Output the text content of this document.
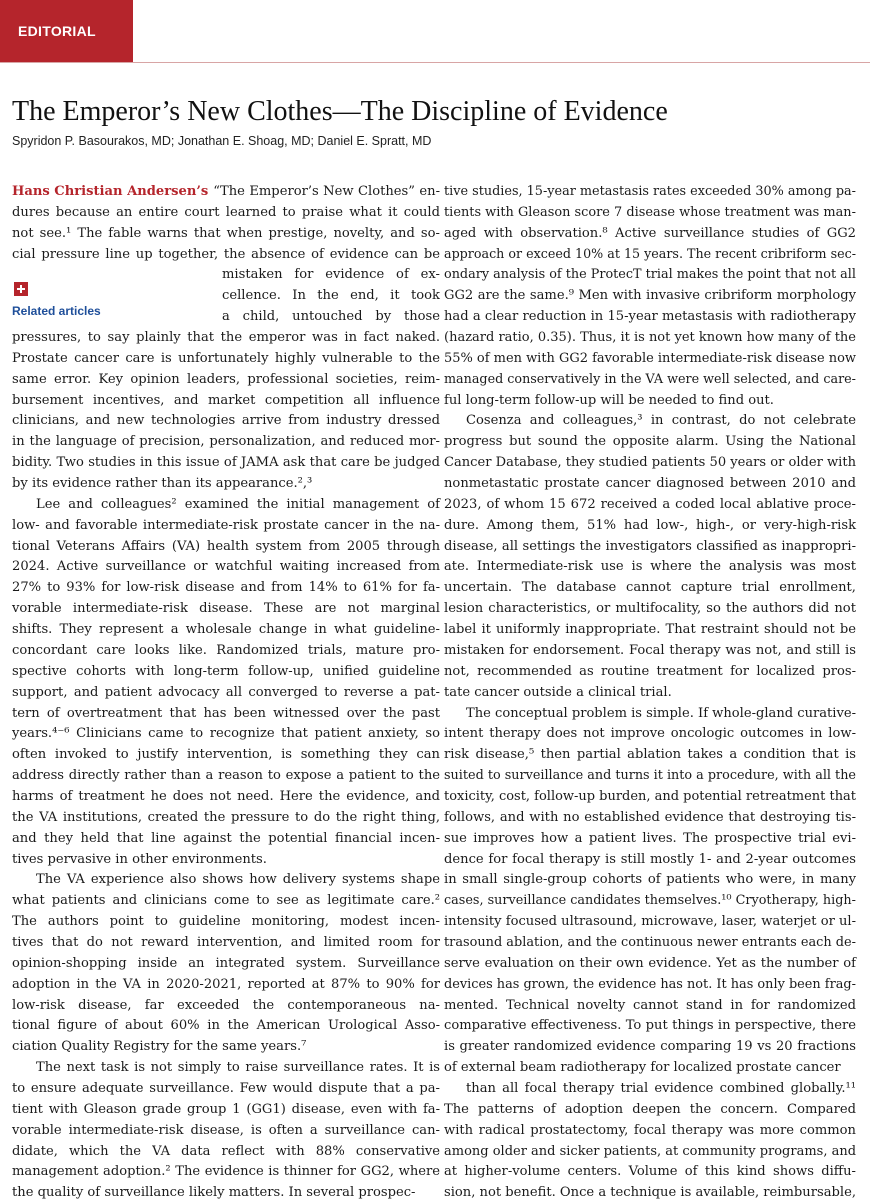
EDITORIAL
The Emperor’s New Clothes—The Discipline of Evidence
Spyridon P. Basourakos, MD; Jonathan E. Shoag, MD; Daniel E. Spratt, MD
“The Emperor’s New Clothes” en-
Hans Christian Andersen’s
dures because an entire court learned to praise what it could
not see.¹ The fable warns that when prestige, novelty, and so-
cial pressure line up together, the absence of evidence can be
mistaken for evidence of ex-
cellence. In the end, it took
a child, untouched by those
pressures, to say plainly that the emperor was in fact naked.
Prostate cancer care is unfortunately highly vulnerable to the
same error. Key opinion leaders, professional societies, reim-
bursement incentives, and market competition all influence
clinicians, and new technologies arrive from industry dressed
in the language of precision, personalization, and reduced mor-
bidity. Two studies in this issue of JAMA ask that care be judged
by its evidence rather than its appearance.²,³
Lee and colleagues² examined the initial management of
low- and favorable intermediate-risk prostate cancer in the na-
tional Veterans Affairs (VA) health system from 2005 through
2024. Active surveillance or watchful waiting increased from
27% to 93% for low-risk disease and from 14% to 61% for fa-
vorable intermediate-risk disease. These are not marginal
shifts. They represent a wholesale change in what guideline-
concordant care looks like. Randomized trials, mature pro-
spective cohorts with long-term follow-up, unified guideline
support, and patient advocacy all converged to reverse a pat-
tern of overtreatment that has been witnessed over the past
years.⁴⁻⁶ Clinicians came to recognize that patient anxiety, so
often invoked to justify intervention, is something they can
address directly rather than a reason to expose a patient to the
harms of treatment he does not need. Here the evidence, and
the VA institutions, created the pressure to do the right thing,
and they held that line against the potential financial incen-
tives pervasive in other environments.
The VA experience also shows how delivery systems shape
what patients and clinicians come to see as legitimate care.²
The authors point to guideline monitoring, modest incen-
tives that do not reward intervention, and limited room for
opinion-shopping inside an integrated system. Surveillance
adoption in the VA in 2020-2021, reported at 87% to 90% for
low-risk disease, far exceeded the contemporaneous na-
tional figure of about 60% in the American Urological Asso-
ciation Quality Registry for the same years.⁷
The next task is not simply to raise surveillance rates. It is
to ensure adequate surveillance. Few would dispute that a pa-
tient with Gleason grade group 1 (GG1) disease, even with fa-
vorable intermediate-risk disease, is often a surveillance can-
didate, which the VA data reflect with 88% conservative
management adoption.² The evidence is thinner for GG2, where
the quality of surveillance likely matters. In several prospec-
tive studies, 15-year metastasis rates exceeded 30% among pa-
tients with Gleason score 7 disease whose treatment was man-
aged with observation.⁸ Active surveillance studies of GG2
approach or exceed 10% at 15 years. The recent cribriform sec-
ondary analysis of the ProtecT trial makes the point that not all
GG2 are the same.⁹ Men with invasive cribriform morphology
had a clear reduction in 15-year metastasis with radiotherapy
(hazard ratio, 0.35). Thus, it is not yet known how many of the
55% of men with GG2 favorable intermediate-risk disease now
managed conservatively in the VA were well selected, and care-
ful long-term follow-up will be needed to find out.
Cosenza and colleagues,³ in contrast, do not celebrate
progress but sound the opposite alarm. Using the National
Cancer Database, they studied patients 50 years or older with
nonmetastatic prostate cancer diagnosed between 2010 and
2023, of whom 15 672 received a coded local ablative proce-
dure. Among them, 51% had low-, high-, or very-high-risk
disease, all settings the investigators classified as inappropri-
ate. Intermediate-risk use is where the analysis was most
uncertain. The database cannot capture trial enrollment,
lesion characteristics, or multifocality, so the authors did not
label it uniformly inappropriate. That restraint should not be
mistaken for endorsement. Focal therapy was not, and still is
not, recommended as routine treatment for localized pros-
tate cancer outside a clinical trial.
The conceptual problem is simple. If whole-gland curative-
intent therapy does not improve oncologic outcomes in low-
risk disease,⁵ then partial ablation takes a condition that is
suited to surveillance and turns it into a procedure, with all the
toxicity, cost, follow-up burden, and potential retreatment that
follows, and with no established evidence that destroying tis-
sue improves how a patient lives. The prospective trial evi-
dence for focal therapy is still mostly 1- and 2-year outcomes
in small single-group cohorts of patients who were, in many
cases, surveillance candidates themselves.¹⁰ Cryotherapy, high-
intensity focused ultrasound, microwave, laser, waterjet or ul-
trasound ablation, and the continuous newer entrants each de-
serve evaluation on their own evidence. Yet as the number of
devices has grown, the evidence has not. It has only been frag-
mented. Technical novelty cannot stand in for randomized
comparative effectiveness. To put things in perspective, there
is greater randomized evidence comparing 19 vs 20 fractions
of external beam radiotherapy for localized prostate cancer
than all focal therapy trial evidence combined globally.¹¹
The patterns of adoption deepen the concern. Compared
with radical prostatectomy, focal therapy was more common
among older and sicker patients, at community programs, and
at higher-volume centers. Volume of this kind shows diffu-
sion, not benefit. Once a technique is available, reimbursable,
Related articles
